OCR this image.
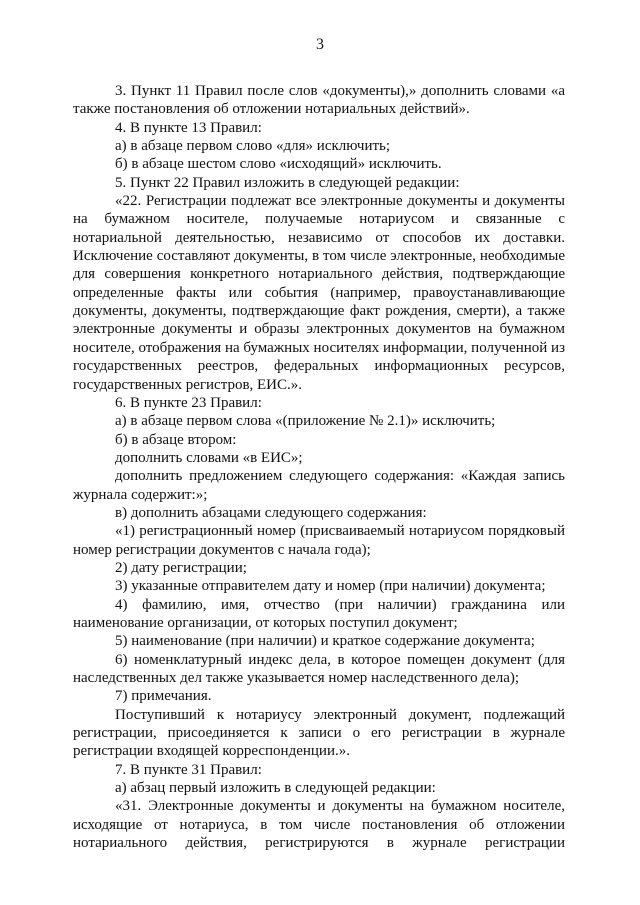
3

3. Пункт 11 Правил после слов «документы),» дополнить словами «а также постановления об отложении нотариальных действий».

4. В пункте 13 Правил:

а) в абзаце первом слово «для» исключить;

б) в абзаце шестом слово «исходящий» исключить.

5. Пункт 22 Правил изложить в следующей редакции:

«22. Регистрации подлежат все электронные документы и документы на бумажном носителе, получаемые нотариусом и связанные с нотариальной деятельностью, независимо от способов их доставки. Исключение составляют документы, в том числе электронные, необходимые для совершения конкретного нотариального действия, подтверждающие определенные факты или события (например, правоустанавливающие документы, документы, подтверждающие факт рождения, смерти), а также электронные документы и образы электронных документов на бумажном носителе, отображения на бумажных носителях информации, полученной из государственных реестров, федеральных информационных ресурсов, государственных регистров, ЕИС.».

6. В пункте 23 Правил:

а) в абзаце первом слова «(приложение № 2.1)» исключить;

б) в абзаце втором:

дополнить словами «в ЕИС»;

дополнить предложением следующего содержания: «Каждая запись журнала содержит:»;

в) дополнить абзацами следующего содержания:

«1) регистрационный номер (присваиваемый нотариусом порядковый номер регистрации документов с начала года);

2) дату регистрации;

3) указанные отправителем дату и номер (при наличии) документа;

4) фамилию, имя, отчество (при наличии) гражданина или наименование организации, от которых поступил документ;

5) наименование (при наличии) и краткое содержание документа;

6) номенклатурный индекс дела, в которое помещен документ (для наследственных дел также указывается номер наследственного дела);

7) примечания.

Поступивший к нотариусу электронный документ, подлежащий регистрации, присоединяется к записи о его регистрации в журнале регистрации входящей корреспонденции.».

7. В пункте 31 Правил:

а) абзац первый изложить в следующей редакции:

«31. Электронные документы и документы на бумажном носителе, исходящие от нотариуса, в том числе постановления об отложении нотариального действия, регистрируются в журнале регистрации
